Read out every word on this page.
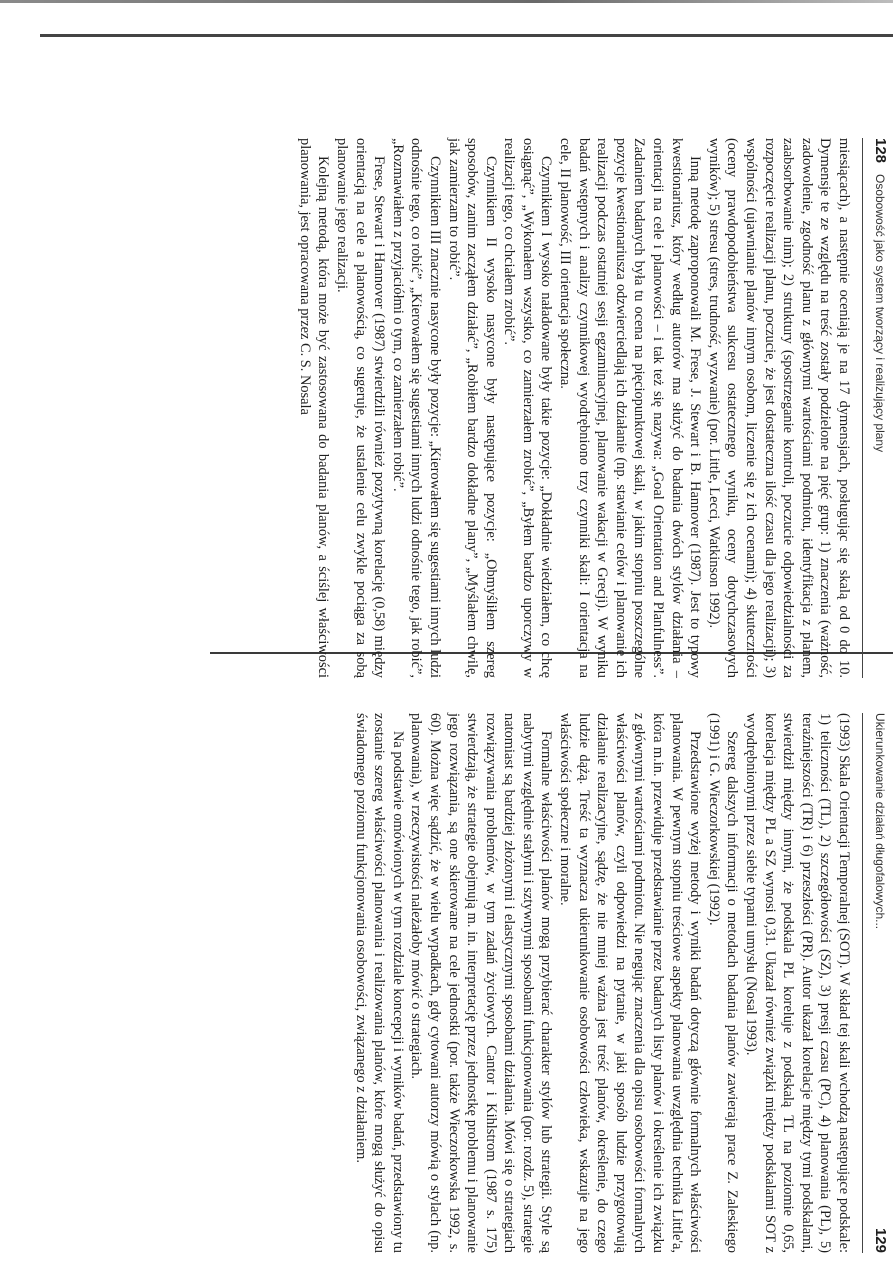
128
Osobowość jako system tworzący i realizujący plany

miesiącach), a następnie oceniają je na 17 dymensjach, posługując się skalą od 0 do 10. Dymensje te ze względu na treść zostały podzielone na pięć grup: 1) znaczenia (ważność, zadowolenie, zgodność planu z głównymi wartościami podmiotu, identyfikacja z planem, zaabsorbowanie nim); 2) struktury (spostrzeganie kontroli, poczucie odpowiedzialności za rozpoczęcie realizacji planu, poczucie, że jest dostateczna ilość czasu dla jego realizacji); 3) wspólności (ujawnianie planów innym osobom, liczenie się z ich ocenami); 4) skuteczności (oceny prawdopodobieństwa sukcesu ostatecznego wyniku, oceny dotychczasowych wyników); 5) stresu (stres, trudność, wyzwanie) (por. Little, Lecci, Watkinson 1992).

Inną metodę zaproponowali M. Frese, J. Stewart i B. Hannover (1987). Jest to typowy kwestionariusz, który według autorów ma służyć do badania dwóch stylów działania – orientacji na cele i planowości – i tak też się nazywa: „Goal Orientation and Planfulness”. Zadaniem badanych była tu ocena na pięciopunktowej skali, w jakim stopniu poszczególne pozycje kwestionariusza odzwierciedlają ich działanie (np. stawianie celów i planowanie ich realizacji podczas ostatniej sesji egzaminacyjnej, planowanie wakacji w Grecji). W wyniku badań wstępnych i analizy czynnikowej wyodrębniono trzy czynniki skali: I orientacja na cele, II planowość, III orientacja społeczna.

Czynnikiem I wysoko naładowane były takie pozycje: „Dokładnie wiedziałem, co chcę osiągnąć”, „Wykonałem wszystko, co zamierzałem zrobić”, „Byłem bardzo uporczywy w realizacji tego, co chciałem zrobić”.

Czynnikiem II wysoko nasycone były następujące pozycje: „Obmyśliłem szereg sposobów, zanim zacząłem działać”, „Robiłem bardzo dokładne plany”, „Myślałem chwilę, jak zamierzam to robić”.

Czynnikiem III znacznie nasycone były pozycje: „Kierowałem się sugestiami innych ludzi odnośnie tego, co robić”, „Kierowałem się sugestiami innych ludzi odnośnie tego, jak robić”, „Rozmawiałem z przyjaciółmi o tym, co zamierzałem robić”.

Frese, Stewart i Hannover (1987) stwierdzili również pozytywną korelację (0,58) między orientacją na cele a planowością, co sugeruje, że ustalenie celu zwykle pociąga za sobą planowanie jego realizacji.

Kolejną metodą, która może być zastosowana do badania planów, a ściślej właściwości planowania, jest opracowana przez C. S. Nosala

Ukierunkowanie działań długofalowych...
129

(1993) Skala Orientacji Temporalnej (SOT). W skład tej skali wchodzą następujące podskale: 1) teliczności (TL), 2) szczegółowości (SZ), 3) presji czasu (PC), 4) planowania (PL), 5) teraźniejszości (TR) i 6) przeszłości (PR). Autor ukazał korelacje między tymi podskalami, stwierdził między innymi, że podskala PL koreluje z podskalą TL na poziomie 0,65, korelacja między PL a SZ wynosi 0,31. Ukazał również związki między podskalami SOT z wyodrębnionymi przez siebie typami umysłu (Nosal 1993).

Szereg dalszych informacji o metodach badania planów zawierają prace Z. Zaleskiego (1991) i G. Wieczorkowskiej (1992).

Przedstawione wyżej metody i wyniki badań dotyczą głównie formalnych właściwości planowania. W pewnym stopniu treściowe aspekty planowania uwzględnia technika Little'a, która m.in. przewiduje przedstawianie przez badanych listy planów i określenie ich związku z głównymi wartościami podmiotu. Nie negując znaczenia dla opisu osobowości formalnych właściwości planów, czyli odpowiedzi na pytanie, w jaki sposób ludzie przygotowują działanie realizacyjne, sądzę, że nie mniej ważna jest treść planów, określenie, do czego ludzie dążą. Treść ta wyznacza ukierunkowanie osobowości człowieka, wskazuje na jego właściwości społeczne i moralne.

Formalne właściwości planów mogą przybierać charakter stylów lub strategii. Style są nabytymi względnie stałymi i sztywnymi sposobami funkcjonowania (por. rozdz. 5), strategie natomiast są bardziej złożonymi i elastycznymi sposobami działania. Mówi się o strategiach rozwiązywania problemów, w tym zadań życiowych. Cantor i Kihlstrom (1987 s. 175) stwierdzają, że strategie obejmują m. in. interpretację przez jednostkę problemu i planowanie jego rozwiązania, są one skierowane na cele jednostki (por. także Wieczorkowska 1992, s. 60). Można więc sądzić, że w wielu wypadkach, gdy cytowani autorzy mówią o stylach (np. planowania), w rzeczywistości należałoby mówić o strategiach.

Na podstawie omówionych w tym rozdziale koncepcji i wyników badań, przedstawiony tu zostanie szereg właściwości planowania i realizowania planów, które mogą służyć do opisu świadomego poziomu funkcjonowania osobowości, związanego z działaniem.
